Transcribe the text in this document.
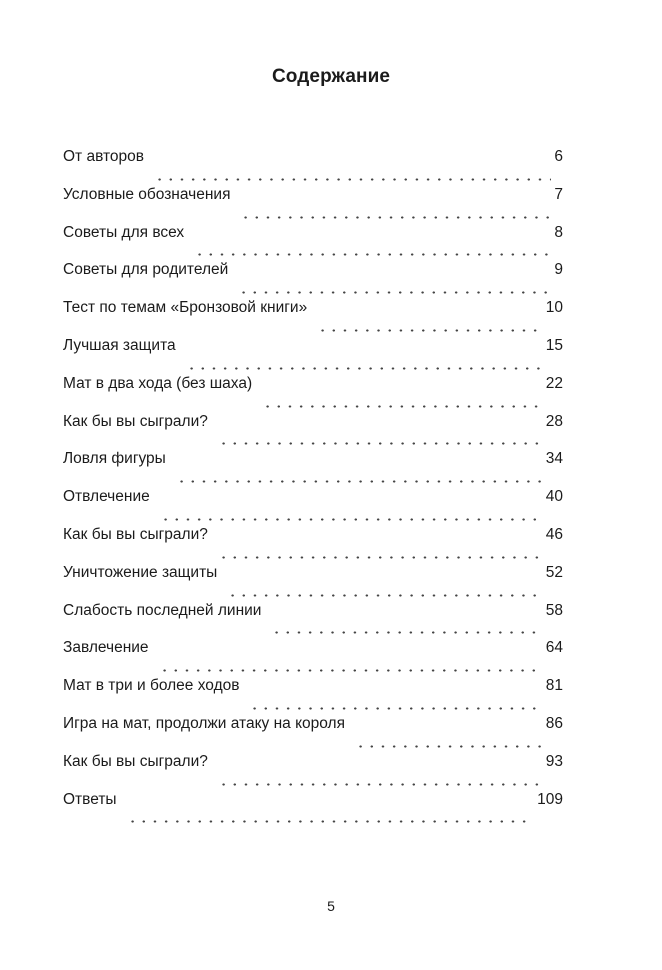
Содержание
От авторов	6
Условные обозначения	7
Советы для всех	8
Советы для родителей	9
Тест по темам «Бронзовой книги»	10
Лучшая защита	15
Мат в два хода (без шаха)	22
Как бы вы сыграли?	28
Ловля фигуры	34
Отвлечение	40
Как бы вы сыграли?	46
Уничтожение защиты	52
Слабость последней линии	58
Завлечение	64
Мат в три и более ходов	81
Игра на мат, продолжи атаку на короля	86
Как бы вы сыграли?	93
Ответы	109
5
